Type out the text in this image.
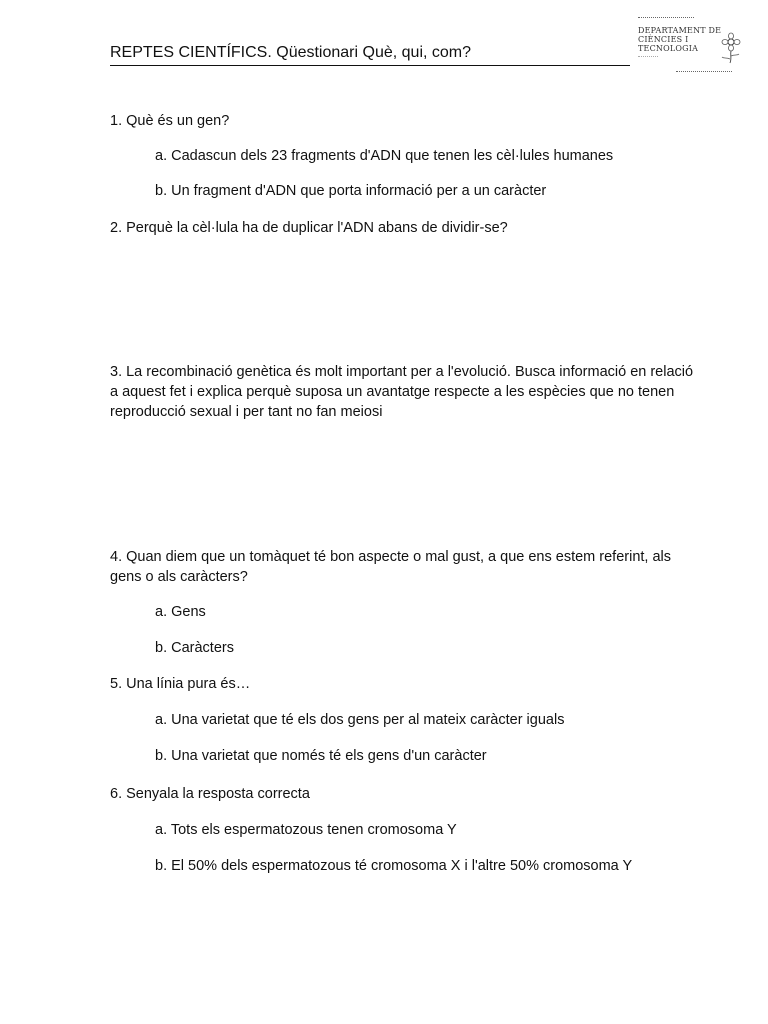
REPTES CIENTÍFICS. Qüestionari Què, qui, com?
DEPARTAMENT DE
CIÈNCIES I
TECNOLOGIA
1. Què és un gen?
a. Cadascun dels 23 fragments d'ADN que tenen les cèl·lules humanes
b. Un fragment d'ADN que porta informació per a un caràcter
2. Perquè la cèl·lula ha de duplicar l'ADN abans de dividir-se?
3. La recombinació genètica és molt important per a l'evolució. Busca informació en relació a aquest fet i explica perquè suposa un avantatge respecte a les espècies que no tenen reproducció sexual i per tant no fan meiosi
4. Quan diem que un tomàquet té bon aspecte o mal gust, a que ens estem referint, als gens o als caràcters?
a. Gens
b. Caràcters
5. Una línia pura és…
a. Una varietat que té els dos gens per al mateix caràcter iguals
b. Una varietat que només té els gens d'un caràcter
6. Senyala la resposta correcta
a. Tots els espermatozous tenen cromosoma Y
b. El 50% dels espermatozous té cromosoma X i l'altre 50% cromosoma Y
